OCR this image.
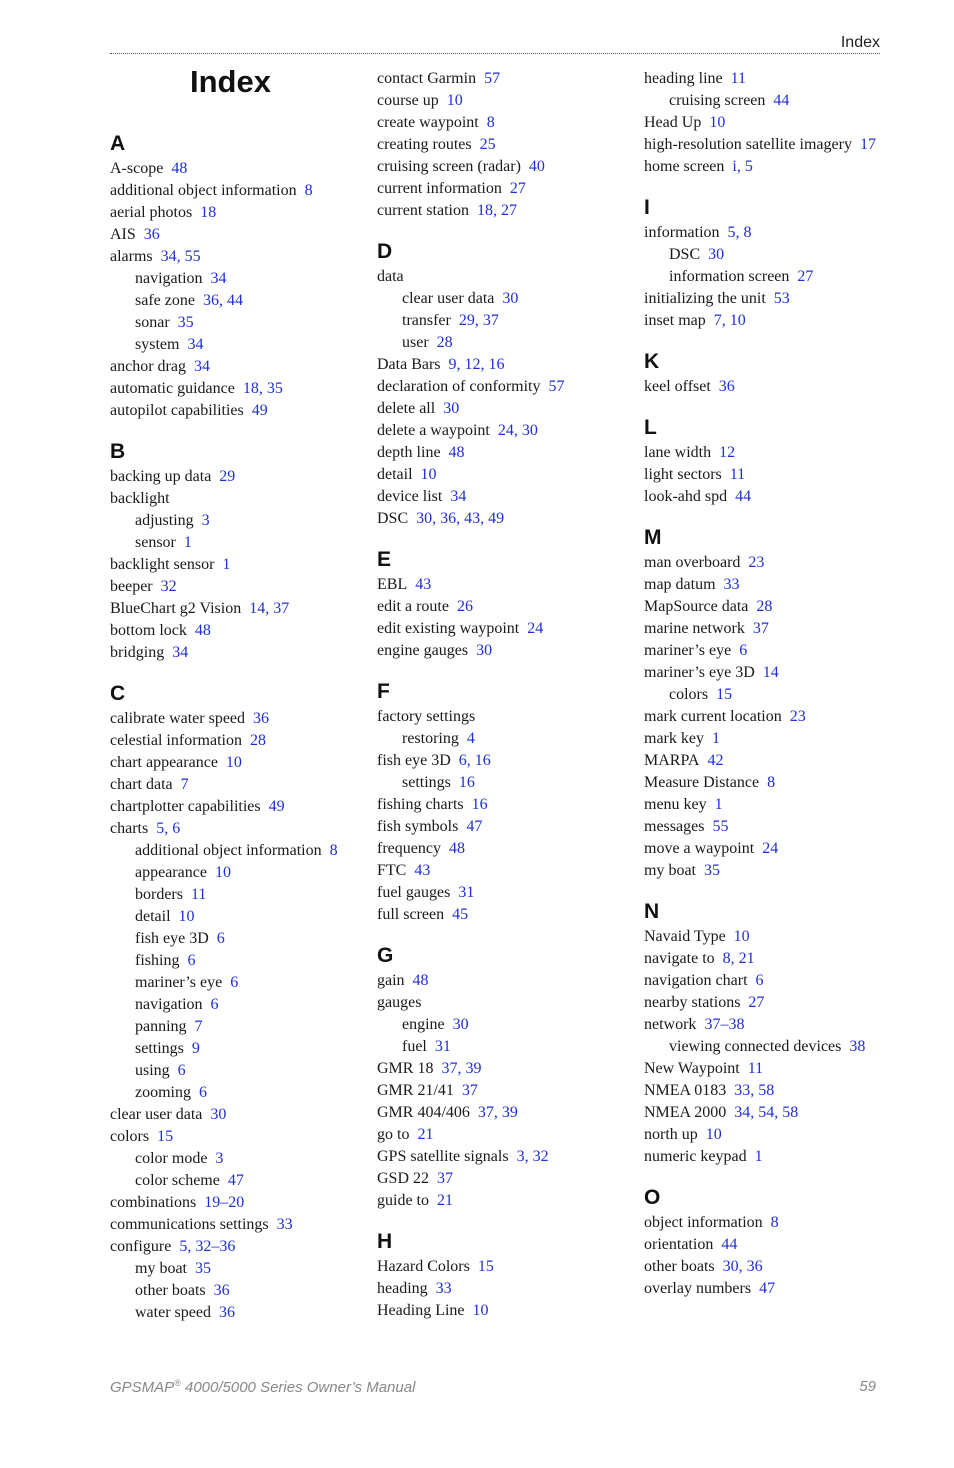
Index
Index
A
A-scope 48
additional object information 8
aerial photos 18
AIS 36
alarms 34, 55
navigation 34
safe zone 36, 44
sonar 35
system 34
anchor drag 34
automatic guidance 18, 35
autopilot capabilities 49
B
backing up data 29
backlight
adjusting 3
sensor 1
backlight sensor 1
beeper 32
BlueChart g2 Vision 14, 37
bottom lock 48
bridging 34
C
calibrate water speed 36
celestial information 28
chart appearance 10
chart data 7
chartplotter capabilities 49
charts 5, 6
additional object information 8
appearance 10
borders 11
detail 10
fish eye 3D 6
fishing 6
mariner’s eye 6
navigation 6
panning 7
settings 9
using 6
zooming 6
clear user data 30
colors 15
color mode 3
color scheme 47
combinations 19–20
communications settings 33
configure 5, 32–36
my boat 35
other boats 36
water speed 36
contact Garmin 57
course up 10
create waypoint 8
creating routes 25
cruising screen (radar) 40
current information 27
current station 18, 27
D
data
clear user data 30
transfer 29, 37
user 28
Data Bars 9, 12, 16
declaration of conformity 57
delete all 30
delete a waypoint 24, 30
depth line 48
detail 10
device list 34
DSC 30, 36, 43, 49
E
EBL 43
edit a route 26
edit existing waypoint 24
engine gauges 30
F
factory settings
restoring 4
fish eye 3D 6, 16
settings 16
fishing charts 16
fish symbols 47
frequency 48
FTC 43
fuel gauges 31
full screen 45
G
gain 48
gauges
engine 30
fuel 31
GMR 18 37, 39
GMR 21/41 37
GMR 404/406 37, 39
go to 21
GPS satellite signals 3, 32
GSD 22 37
guide to 21
H
Hazard Colors 15
heading 33
Heading Line 10
heading line 11
cruising screen 44
Head Up 10
high-resolution satellite imagery 17
home screen i, 5
I
information 5, 8
DSC 30
information screen 27
initializing the unit 53
inset map 7, 10
K
keel offset 36
L
lane width 12
light sectors 11
look-ahd spd 44
M
man overboard 23
map datum 33
MapSource data 28
marine network 37
mariner’s eye 6
mariner’s eye 3D 14
colors 15
mark current location 23
mark key 1
MARPA 42
Measure Distance 8
menu key 1
messages 55
move a waypoint 24
my boat 35
N
Navaid Type 10
navigate to 8, 21
navigation chart 6
nearby stations 27
network 37–38
viewing connected devices 38
New Waypoint 11
NMEA 0183 33, 58
NMEA 2000 34, 54, 58
north up 10
numeric keypad 1
O
object information 8
orientation 44
other boats 30, 36
overlay numbers 47
GPSMAP® 4000/5000 Series Owner’s Manual	59
